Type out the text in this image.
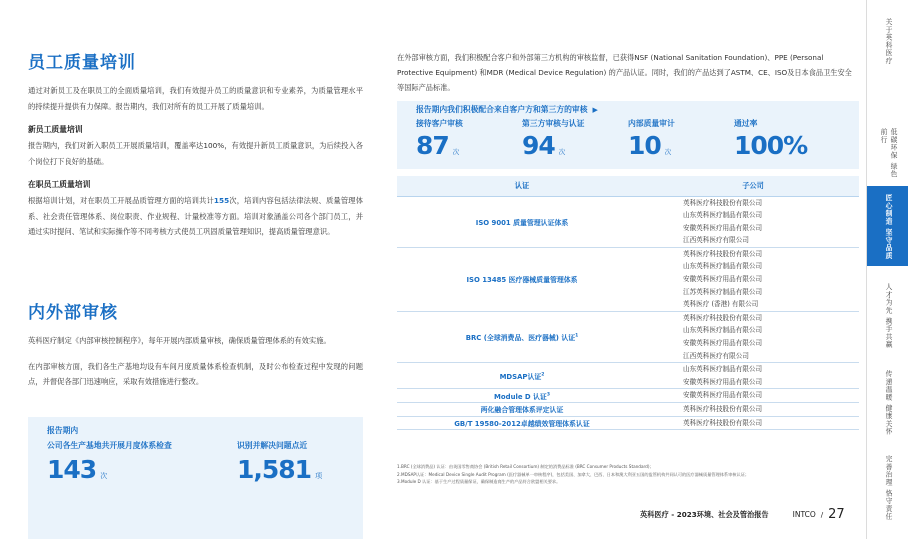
员工质量培训

通过对新员工及在职员工的全面质量培训，我们有效提升员工的质量意识和专业素养，为质量管理水平的持续提升提供有力保障。报告期内，我们对所有的员工开展了质量培训。

新员工质量培训

报告期内，我们对新入职员工开展质量培训，覆盖率达100%，有效提升新员工质量意识，为后续投入各个岗位打下良好的基础。

在职员工质量培训

根据培训计划，对在职员工开展品质管理方面的培训共计155次，培训内容包括法律法规、质量管理体系、社会责任管理体系、岗位职责、作业规程、计量校准等方面。培训对象涵盖公司各个部门员工，并通过实时提问、笔试和实际操作等不同考核方式使员工巩固质量管理知识，提高质量管理意识。

内外部审核

英科医疗制定《内部审核控制程序》，每年开展内部质量审核，确保质量管理体系的有效实施。

在内部审核方面，我们各生产基地均设有车间月度质量体系检查机制，及时公布检查过程中发现的问题点，并督促各部门迅速响应，采取有效措施进行整改。

报告期内
公司各生产基地共开展月度体系检查	识别并解决问题点近
143 次	1,581 项

在外部审核方面，我们积极配合客户和外部第三方机构的审核监督，已获得NSF (National Sanitation Foundation)、PPE (Personal Protective Equipment) 和MDR (Medical Device Regulation) 的产品认证。同时，我们的产品达到了ASTM、CE、ISO及日本食品卫生安全等国际产品标准。

报告期内我们积极配合来自客户方和第三方的审核 ▶
接待客户审核
87 次
第三方审核与认证
94 次
内部质量审计
10 次
通过率
100%
认证	子公司
ISO 9001 质量管理认证体系	英科医疗科技股份有限公司
山东英科医疗制品有限公司
安徽英科医疗用品有限公司
江西英科医疗有限公司

ISO 13485 医疗器械质量管理体系	英科医疗科技股份有限公司
山东英科医疗制品有限公司
安徽英科医疗用品有限公司
江苏英科医疗制品有限公司
英科医疗 (香港) 有限公司

BRC (全球消费品、医疗器械) 认证$^1$	英科医疗科技股份有限公司
山东英科医疗制品有限公司
安徽英科医疗用品有限公司
江西英科医疗有限公司

MDSAP认证$^2$	山东英科医疗制品有限公司
安徽英科医疗用品有限公司

Module D 认证$^3$	安徽英科医疗用品有限公司

两化融合管理体系评定认证	英科医疗科技股份有限公司

GB/T 19580-2012卓越绩效管理体系认证	英科医疗科技股份有限公司
1.BRC (全球消费品) 认证：由英国零售商协会 (British Retail Consortium) 制定的消费品标准 (BRC Consumer Products Standard)；
2.MDSAP认证：Medical Device Single Audit Program (医疗器械单一审核程序)，包括美国、加拿大、巴西、日本和澳大利亚五国的监管机构共同认可的医疗器械质量管理体系审核认证；
3.Module D 认证：基于生产过程质量保证，确保制造商生产的产品符合欧盟相关要求。
英科医疗 - 2023环境、社会及管治报告	INTCO / 27
关于英科医疗
低碳环保 绿色前行
匠心制造 坚守品质
人才为先 携手共赢
传递温暖 健康关怀
完善治理 恪守责任
